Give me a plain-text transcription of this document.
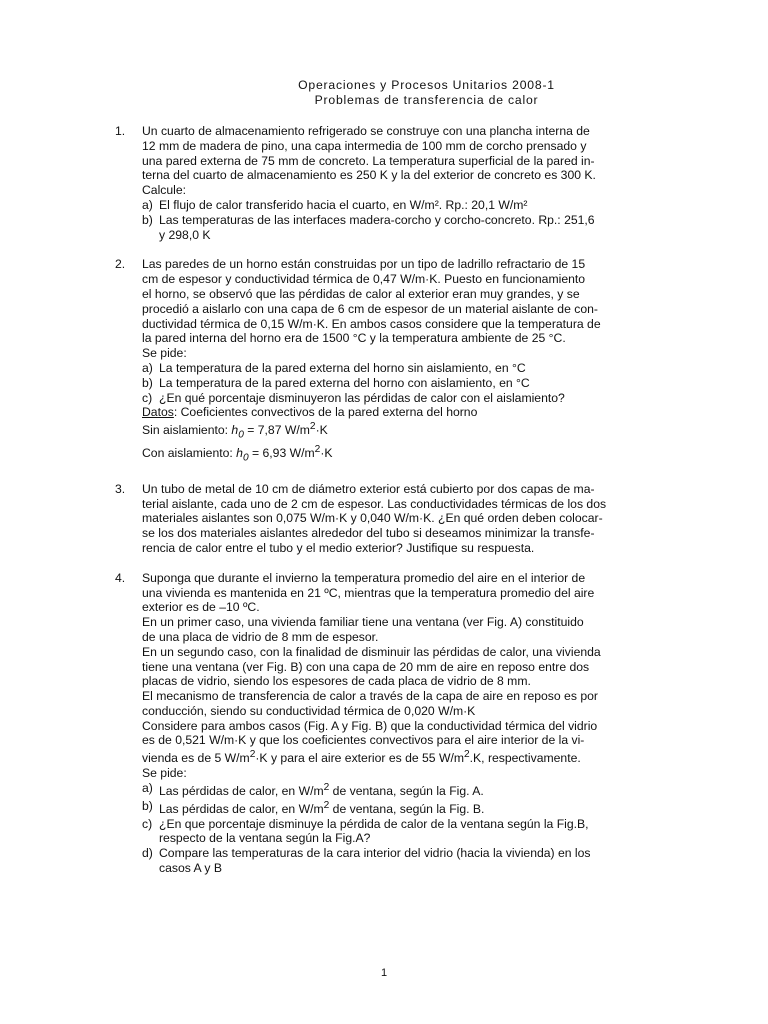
Operaciones y Procesos Unitarios 2008-1
Problemas de transferencia de calor
1. Un cuarto de almacenamiento refrigerado se construye con una plancha interna de
12 mm de madera de pino, una capa intermedia de 100 mm de corcho prensado y
una pared externa de 75 mm de concreto. La temperatura superficial de la pared in-
terna del cuarto de almacenamiento es 250 K y la del exterior de concreto es 300 K.
Calcule:
a) El flujo de calor transferido hacia el cuarto, en W/m². Rp.: 20,1 W/m²
b) Las temperaturas de las interfaces madera-corcho y corcho-concreto. Rp.: 251,6
y 298,0 K
2. Las paredes de un horno están construidas por un tipo de ladrillo refractario de 15
cm de espesor y conductividad térmica de 0,47 W/m·K. Puesto en funcionamiento
el horno, se observó que las pérdidas de calor al exterior eran muy grandes, y se
procedió a aislarlo con una capa de 6 cm de espesor de un material aislante de con-
ductividad térmica de 0,15 W/m·K. En ambos casos considere que la temperatura de
la pared interna del horno era de 1500 °C y la temperatura ambiente de 25 °C.
Se pide:
a) La temperatura de la pared externa del horno sin aislamiento, en °C
b) La temperatura de la pared externa del horno con aislamiento, en °C
c) ¿En qué porcentaje disminuyeron las pérdidas de calor con el aislamiento?
Datos: Coeficientes convectivos de la pared externa del horno
Sin aislamiento: $h_0 = 7,87$ $W/m^2\cdot K$
Con aislamiento: $h_0 = 6,93$ $W/m^2\cdot K$
3. Un tubo de metal de 10 cm de diámetro exterior está cubierto por dos capas de ma-
terial aislante, cada uno de 2 cm de espesor. Las conductividades térmicas de los dos
materiales aislantes son 0,075 W/m·K y 0,040 W/m·K. ¿En qué orden deben colocar-
se los dos materiales aislantes alrededor del tubo si deseamos minimizar la transfe-
rencia de calor entre el tubo y el medio exterior? Justifique su respuesta.
4. Suponga que durante el invierno la temperatura promedio del aire en el interior de
una vivienda es mantenida en 21 ºC, mientras que la temperatura promedio del aire
exterior es de –10 ºC.
En un primer caso, una vivienda familiar tiene una ventana (ver Fig. A) constituido
de una placa de vidrio de 8 mm de espesor.
En un segundo caso, con la finalidad de disminuir las pérdidas de calor, una vivienda
tiene una ventana (ver Fig. B) con una capa de 20 mm de aire en reposo entre dos
placas de vidrio, siendo los espesores de cada placa de vidrio de 8 mm.
El mecanismo de transferencia de calor a través de la capa de aire en reposo es por
conducción, siendo su conductividad térmica de 0,020 W/m·K
Considere para ambos casos (Fig. A y Fig. B) que la conductividad térmica del vidrio
es de 0,521 W/m·K y que los coeficientes convectivos para el aire interior de la vi-
vienda es de 5 $W/m^2\cdot K$ y para el aire exterior es de 55 $W/m^2.K$, respectivamente.
Se pide:
a) Las pérdidas de calor, en $W/m^2$ de ventana, según la Fig. A.
b) Las pérdidas de calor, en $W/m^2$ de ventana, según la Fig. B.
c) ¿En que porcentaje disminuye la pérdida de calor de la ventana según la Fig.B,
respecto de la ventana según la Fig.A?
d) Compare las temperaturas de la cara interior del vidrio (hacia la vivienda) en los
casos A y B
1
